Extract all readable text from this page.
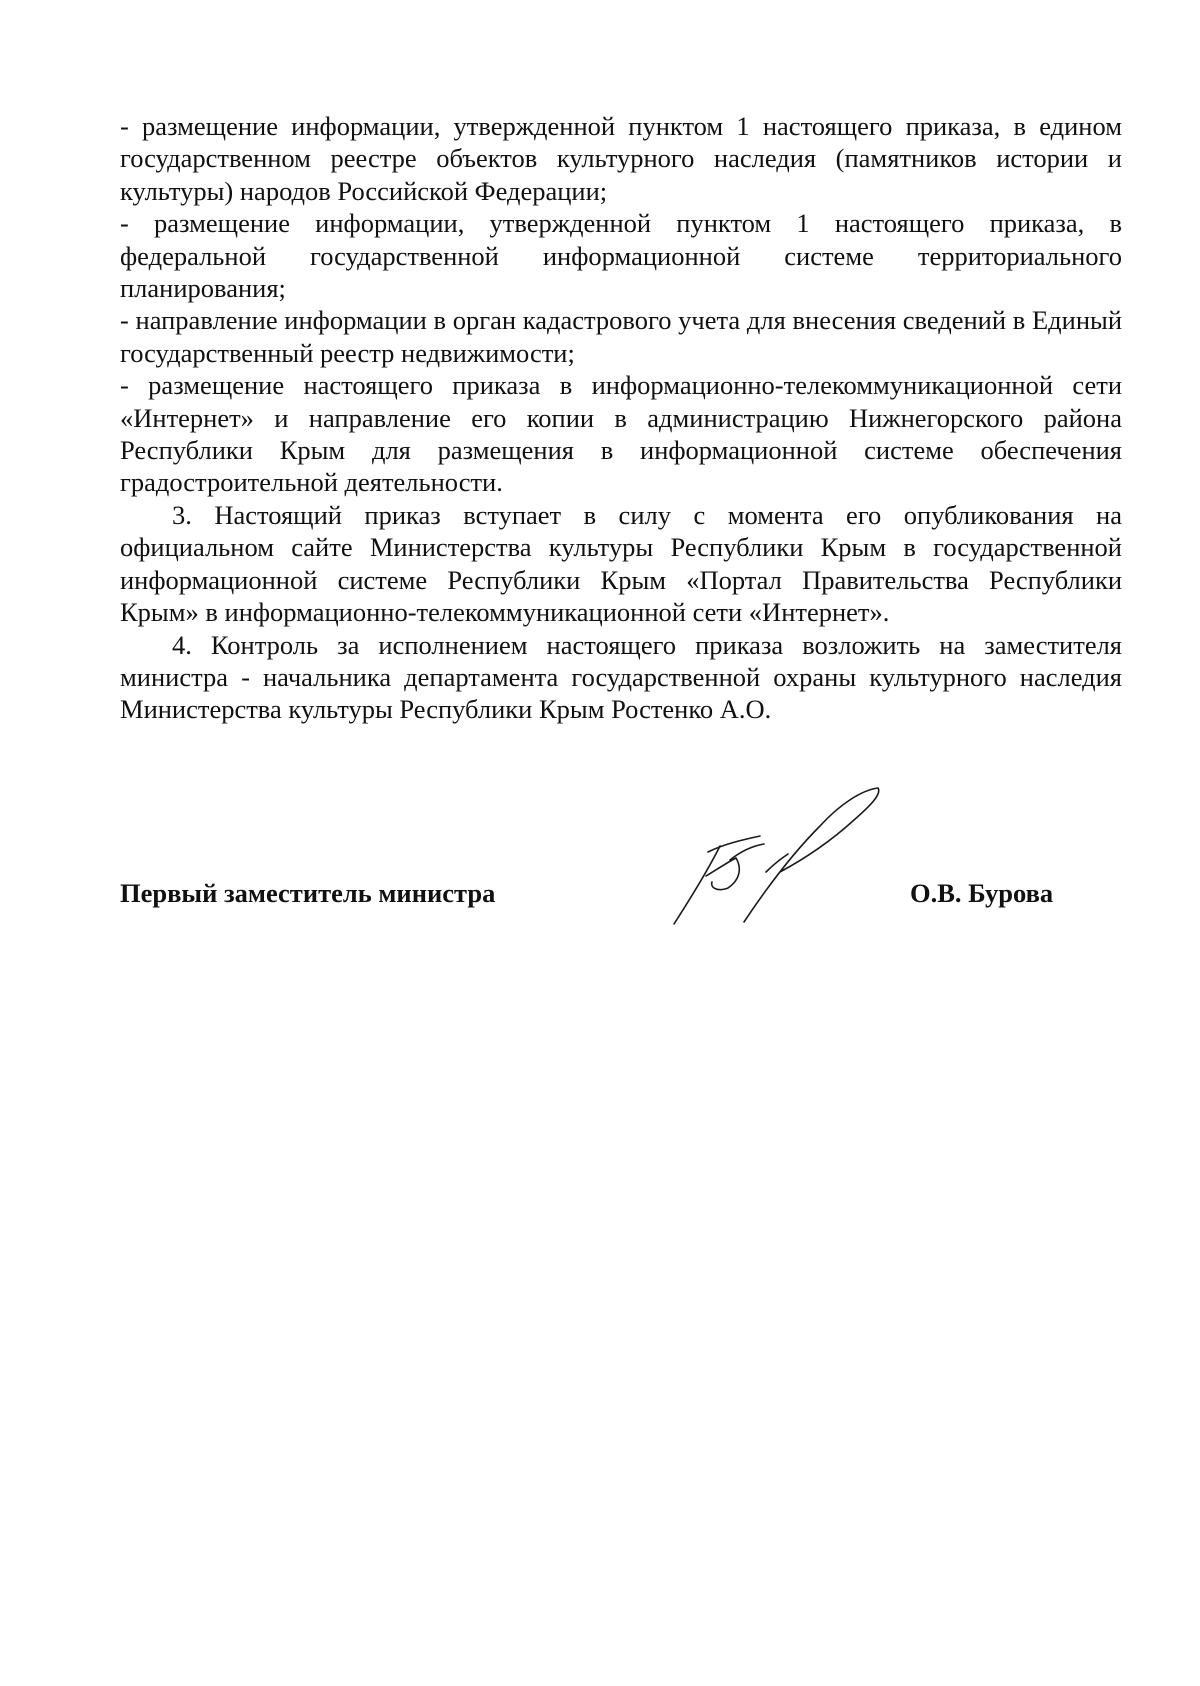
- размещение информации, утвержденной пунктом 1 настоящего приказа, в едином государственном реестре объектов культурного наследия (памятников истории и культуры) народов Российской Федерации;

- размещение информации, утвержденной пунктом 1 настоящего приказа, в федеральной государственной информационной системе территориального планирования;

- направление информации в орган кадастрового учета для внесения сведений в Единый государственный реестр недвижимости;

- размещение настоящего приказа в информационно-телекоммуникационной сети «Интернет» и направление его копии в администрацию Нижнегорского района Республики Крым для размещения в информационной системе обеспечения градостроительной деятельности.

3. Настоящий приказ вступает в силу с момента его опубликования на официальном сайте Министерства культуры Республики Крым в государственной информационной системе Республики Крым «Портал Правительства Республики Крым» в информационно-телекоммуникационной сети «Интернет».

4. Контроль за исполнением настоящего приказа возложить на заместителя министра - начальника департамента государственной охраны культурного наследия Министерства культуры Республики Крым Ростенко А.О.

Первый заместитель министра	О.В. Бурова
